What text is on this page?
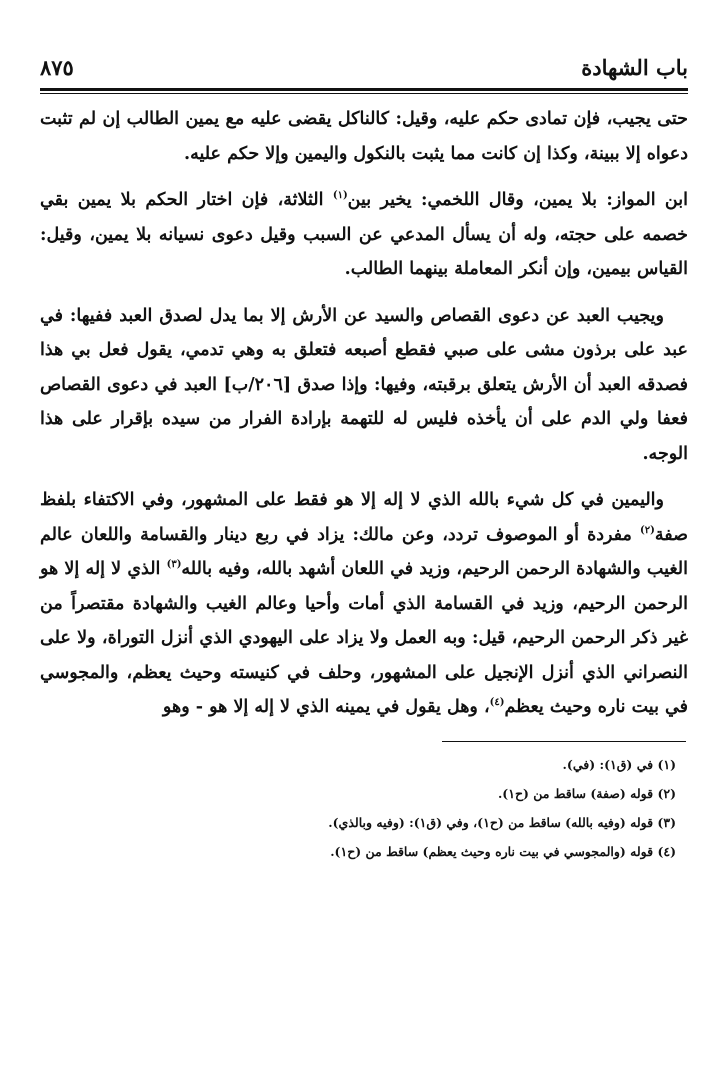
باب الشهادة
٨٧٥

حتى يجيب، فإن تمادى حكم عليه، وقيل: كالناكل يقضى عليه مع يمين الطالب إن لم تثبت دعواه إلا ببينة، وكذا إن كانت مما يثبت بالنكول واليمين وإلا حكم عليه.

ابن المواز: بلا يمين، وقال اللخمي: يخير بين$^{(١)}$ الثلاثة، فإن اختار الحكم بلا يمين بقي خصمه على حجته، وله أن يسأل المدعي عن السبب وقيل دعوى نسيانه بلا يمين، وقيل: القياس بيمين، وإن أنكر المعاملة بينهما الطالب.

ويجيب العبد عن دعوى القصاص والسيد عن الأرش إلا بما يدل لصدق العبد ففيها: في عبد على برذون مشى على صبي فقطع أصبعه فتعلق به وهي تدمي، يقول فعل بي هذا فصدقه العبد أن الأرش يتعلق برقبته، وفيها: وإذا صدق [٢٠٦/ب] العبد في دعوى القصاص فعفا ولي الدم على أن يأخذه فليس له للتهمة بإرادة الفرار من سيده بإقرار على هذا الوجه.

واليمين في كل شيء بالله الذي لا إله إلا هو فقط على المشهور، وفي الاكتفاء بلفظ صفة$^{(٢)}$ مفردة أو الموصوف تردد، وعن مالك: يزاد في ربع دينار والقسامة واللعان عالم الغيب والشهادة الرحمن الرحيم، وزيد في اللعان أشهد بالله، وفيه بالله$^{(٣)}$ الذي لا إله إلا هو الرحمن الرحيم، وزيد في القسامة الذي أمات وأحيا وعالم الغيب والشهادة مقتصراً من غير ذكر الرحمن الرحيم، قيل: وبه العمل ولا يزاد على اليهودي الذي أنزل التوراة، ولا على النصراني الذي أنزل الإنجيل على المشهور، وحلف في كنيسته وحيث يعظم، والمجوسي في بيت ناره وحيث يعظم$^{(٤)}$، وهل يقول في يمينه الذي لا إله إلا هو - وهو

(١) في (ق١): (في).
(٢) قوله (صفة) ساقط من (ح١).
(٣) قوله (وفيه بالله) ساقط من (ح١)، وفي (ق١): (وفيه وبالذي).
(٤) قوله (والمجوسي في بيت ناره وحيث يعظم) ساقط من (ح١).
